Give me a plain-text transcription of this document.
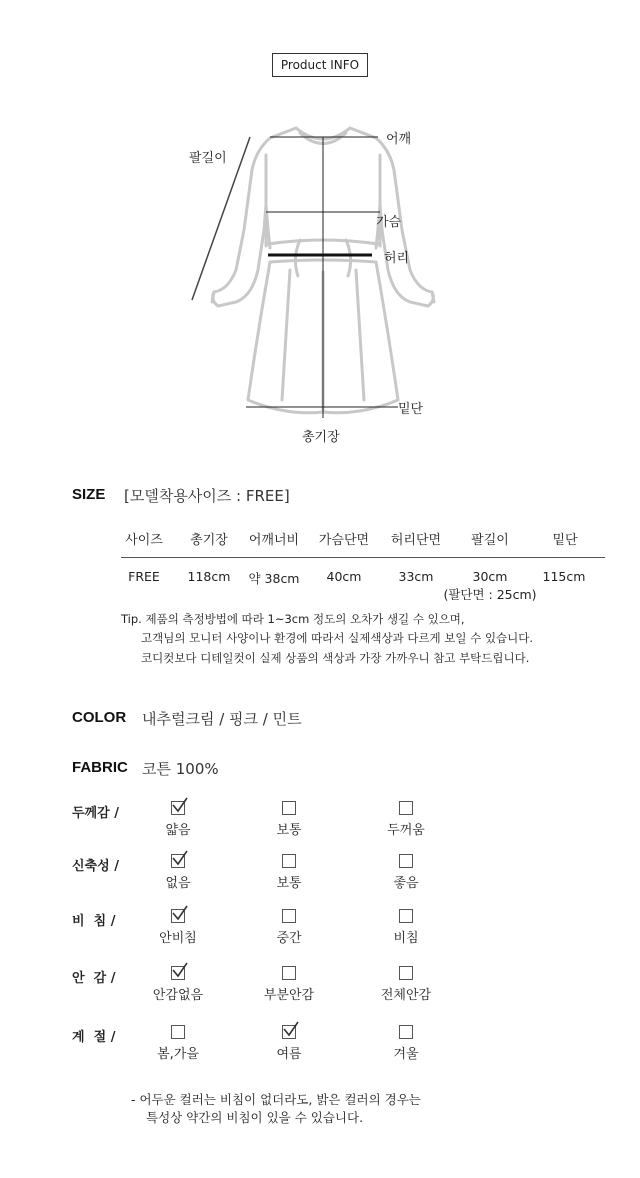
Product INFO
팔길이
어깨
가슴
허리
밑단
총기장
SIZE [모델착용사이즈 : FREE]
사이즈	총기장	어깨너비	가슴단면	허리단면	팔길이	밑단
FREE	118cm	약 38cm	40cm	33cm	30cm	115cm
(팔단면 : 25cm)
Tip. 제품의 측정방법에 따라 1~3cm 정도의 오차가 생길 수 있으며,
고객님의 모니터 사양이나 환경에 따라서 실제색상과 다르게 보일 수 있습니다.
코디컷보다 디테일컷이 실제 상품의 색상과 가장 가까우니 참고 부탁드립니다.
COLOR 내추럴크림 / 핑크 / 민트
FABRIC 코튼 100%
두께감 /
얇음	보통	두꺼움
신축성 /
없음	보통	좋음
비  침 /
안비침	중간	비침
안  감 /
안감없음	부분안감	전체안감
계  절 /
봄,가을	여름	겨울
- 어두운 컬러는 비침이 없더라도, 밝은 컬러의 경우는
특성상 약간의 비침이 있을 수 있습니다.
